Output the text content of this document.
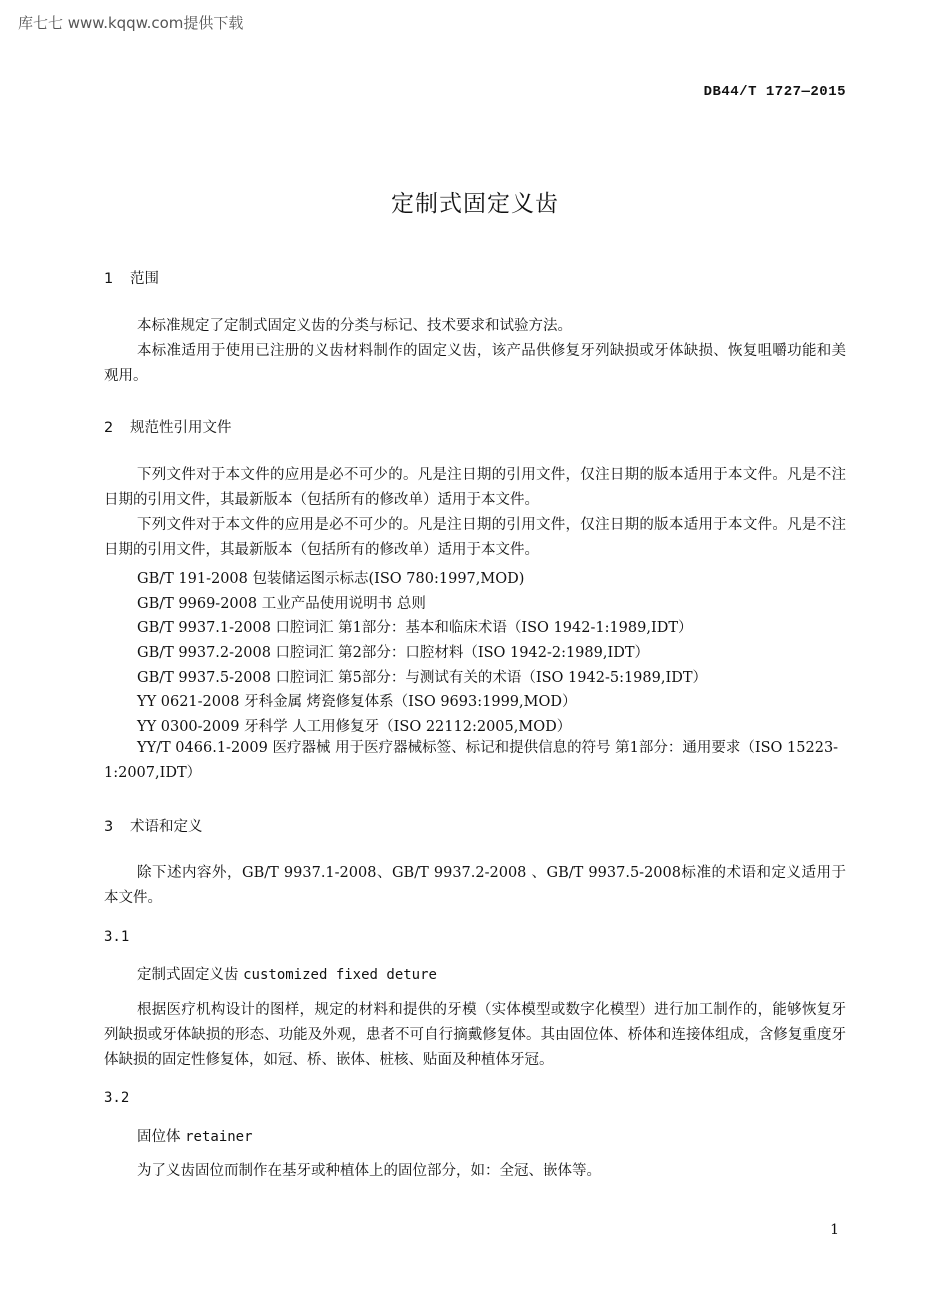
库七七 www.kqqw.com提供下载
DB44/T 1727—2015
定制式固定义齿
1 范围

本标准规定了定制式固定义齿的分类与标记、技术要求和试验方法。

本标准适用于使用已注册的义齿材料制作的固定义齿，该产品供修复牙列缺损或牙体缺损、恢复咀嚼功能和美观用。

2 规范性引用文件

下列文件对于本文件的应用是必不可少的。凡是注日期的引用文件，仅注日期的版本适用于本文件。凡是不注日期的引用文件，其最新版本（包括所有的修改单）适用于本文件。

下列文件对于本文件的应用是必不可少的。凡是注日期的引用文件，仅注日期的版本适用于本文件。凡是不注日期的引用文件，其最新版本（包括所有的修改单）适用于本文件。

GB/T 191-2008 包装储运图示标志(ISO 780:1997,MOD)
GB/T 9969-2008 工业产品使用说明书 总则
GB/T 9937.1-2008 口腔词汇 第1部分：基本和临床术语（ISO 1942-1:1989,IDT）
GB/T 9937.2-2008 口腔词汇 第2部分：口腔材料（ISO 1942-2:1989,IDT）
GB/T 9937.5-2008 口腔词汇 第5部分：与测试有关的术语（ISO 1942-5:1989,IDT）
YY 0621-2008 牙科金属 烤瓷修复体系（ISO 9693:1999,MOD）
YY 0300-2009 牙科学 人工用修复牙（ISO 22112:2005,MOD）

YY/T 0466.1-2009 医疗器械 用于医疗器械标签、标记和提供信息的符号 第1部分：通用要求（ISO 15223-1:2007,IDT）

3 术语和定义

除下述内容外，GB/T 9937.1-2008、GB/T 9937.2-2008 、GB/T 9937.5-2008标准的术语和定义适用于本文件。

3.1
定制式固定义齿 customized fixed deture

根据医疗机构设计的图样，规定的材料和提供的牙模（实体模型或数字化模型）进行加工制作的，能够恢复牙列缺损或牙体缺损的形态、功能及外观，患者不可自行摘戴修复体。其由固位体、桥体和连接体组成，含修复重度牙体缺损的固定性修复体，如冠、桥、嵌体、桩核、贴面及种植体牙冠。

3.2
固位体 retainer

为了义齿固位而制作在基牙或种植体上的固位部分，如：全冠、嵌体等。

1
